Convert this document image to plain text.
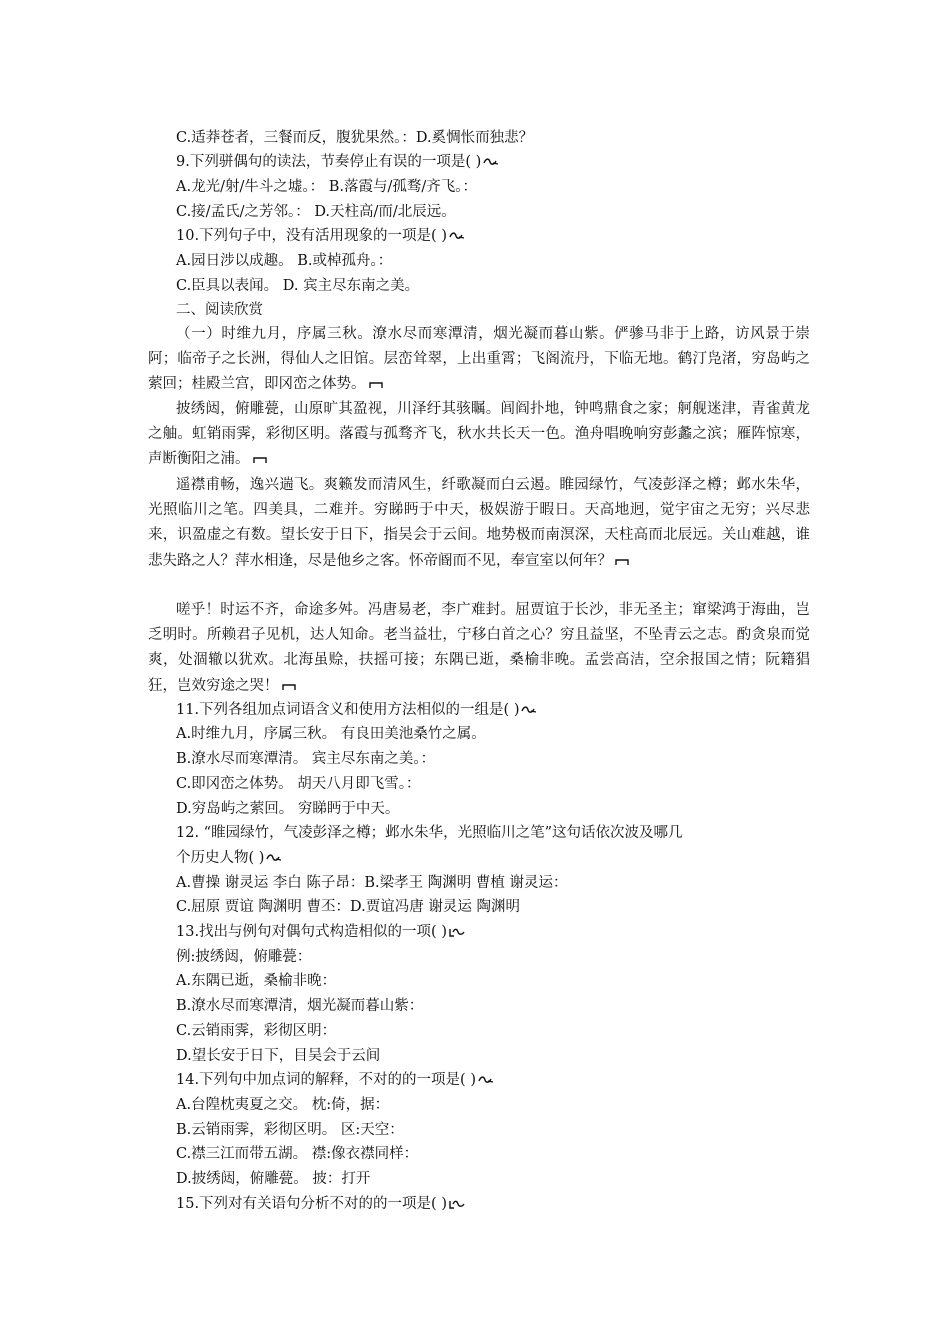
C.适莽苍者，三餐而反，腹犹果然。：D.奚惆怅而独悲？
9.下列骈偶句的读法，节奏停止有误的一项是( )
A.龙光/射/牛斗之墟。： B.落霞与/孤骛/齐飞。：
C.接/孟氏/之芳邻。： D.天柱高/而/北辰远。
10.下列句子中，没有活用现象的一项是( )
A.园日涉以成趣。 B.或棹孤舟。：
C.臣具以表闻。 D. 宾主尽东南之美。
二、阅读欣赏
（一）时维九月，序属三秋。潦水尽而寒潭清，烟光凝而暮山紫。俨骖马非于上路，访风景于崇阿；临帝子之长洲，得仙人之旧馆。层峦耸翠，上出重霄；飞阁流丹，下临无地。鹤汀凫渚，穷岛屿之萦回；桂殿兰宫，即冈峦之体势。
披绣闼，俯雕甍，山原旷其盈视，川泽纡其骇瞩。闾阎扑地，钟鸣鼎食之家；舸舰迷津，青雀黄龙之舳。虹销雨霁，彩彻区明。落霞与孤骛齐飞，秋水共长天一色。渔舟唱晚响穷彭蠡之滨；雁阵惊寒，声断衡阳之浦。
遥襟甫畅，逸兴遄飞。爽籁发而清风生，纤歌凝而白云遏。睢园绿竹，气凌彭泽之樽；邺水朱华，光照临川之笔。四美具，二难并。穷睇眄于中天，极娱游于暇日。天高地迥，觉宇宙之无穷；兴尽悲来，识盈虚之有数。望长安于日下，指吴会于云间。地势极而南溟深，天柱高而北辰远。关山难越，谁悲失路之人？萍水相逢，尽是他乡之客。怀帝阍而不见，奉宣室以何年？
嗟乎！时运不齐，命途多舛。冯唐易老，李广难封。屈贾谊于长沙，非无圣主；窜梁鸿于海曲，岂乏明时。所赖君子见机，达人知命。老当益壮，宁移白首之心？穷且益坚，不坠青云之志。酌贪泉而觉爽，处涸辙以犹欢。北海虽赊，扶摇可接；东隅已逝，桑榆非晚。孟尝高洁，空余报国之情；阮籍猖狂，岂效穷途之哭！
11.下列各组加点词语含义和使用方法相似的一组是( )
A.时维九月，序属三秋。 有良田美池桑竹之属。
B.潦水尽而寒潭清。 宾主尽东南之美。：
C.即冈峦之体势。 胡天八月即飞雪。：
D.穷岛屿之萦回。 穷睇眄于中天。
12. “睢园绿竹，气凌彭泽之樽；邺水朱华，光照临川之笔”这句话依次波及哪几
个历史人物( )
A.曹操 谢灵运 李白 陈子昂：B.梁孝王 陶渊明 曹植 谢灵运：
C.屈原 贾谊 陶渊明 曹丕：D.贾谊冯唐 谢灵运 陶渊明
13.找出与例句对偶句式构造相似的一项( )
例:披绣闼，俯雕甍：
A.东隅已逝，桑榆非晚：
B.潦水尽而寒潭清，烟光凝而暮山紫：
C.云销雨霁，彩彻区明：
D.望长安于日下，目吴会于云间
14.下列句中加点词的解释，不对的的一项是( )
A.台隍枕夷夏之交。 枕:倚，据：
B.云销雨霁，彩彻区明。 区:天空：
C.襟三江而带五湖。 襟:像衣襟同样：
D.披绣闼，俯雕甍。 披：打开
15.下列对有关语句分析不对的的一项是( )
